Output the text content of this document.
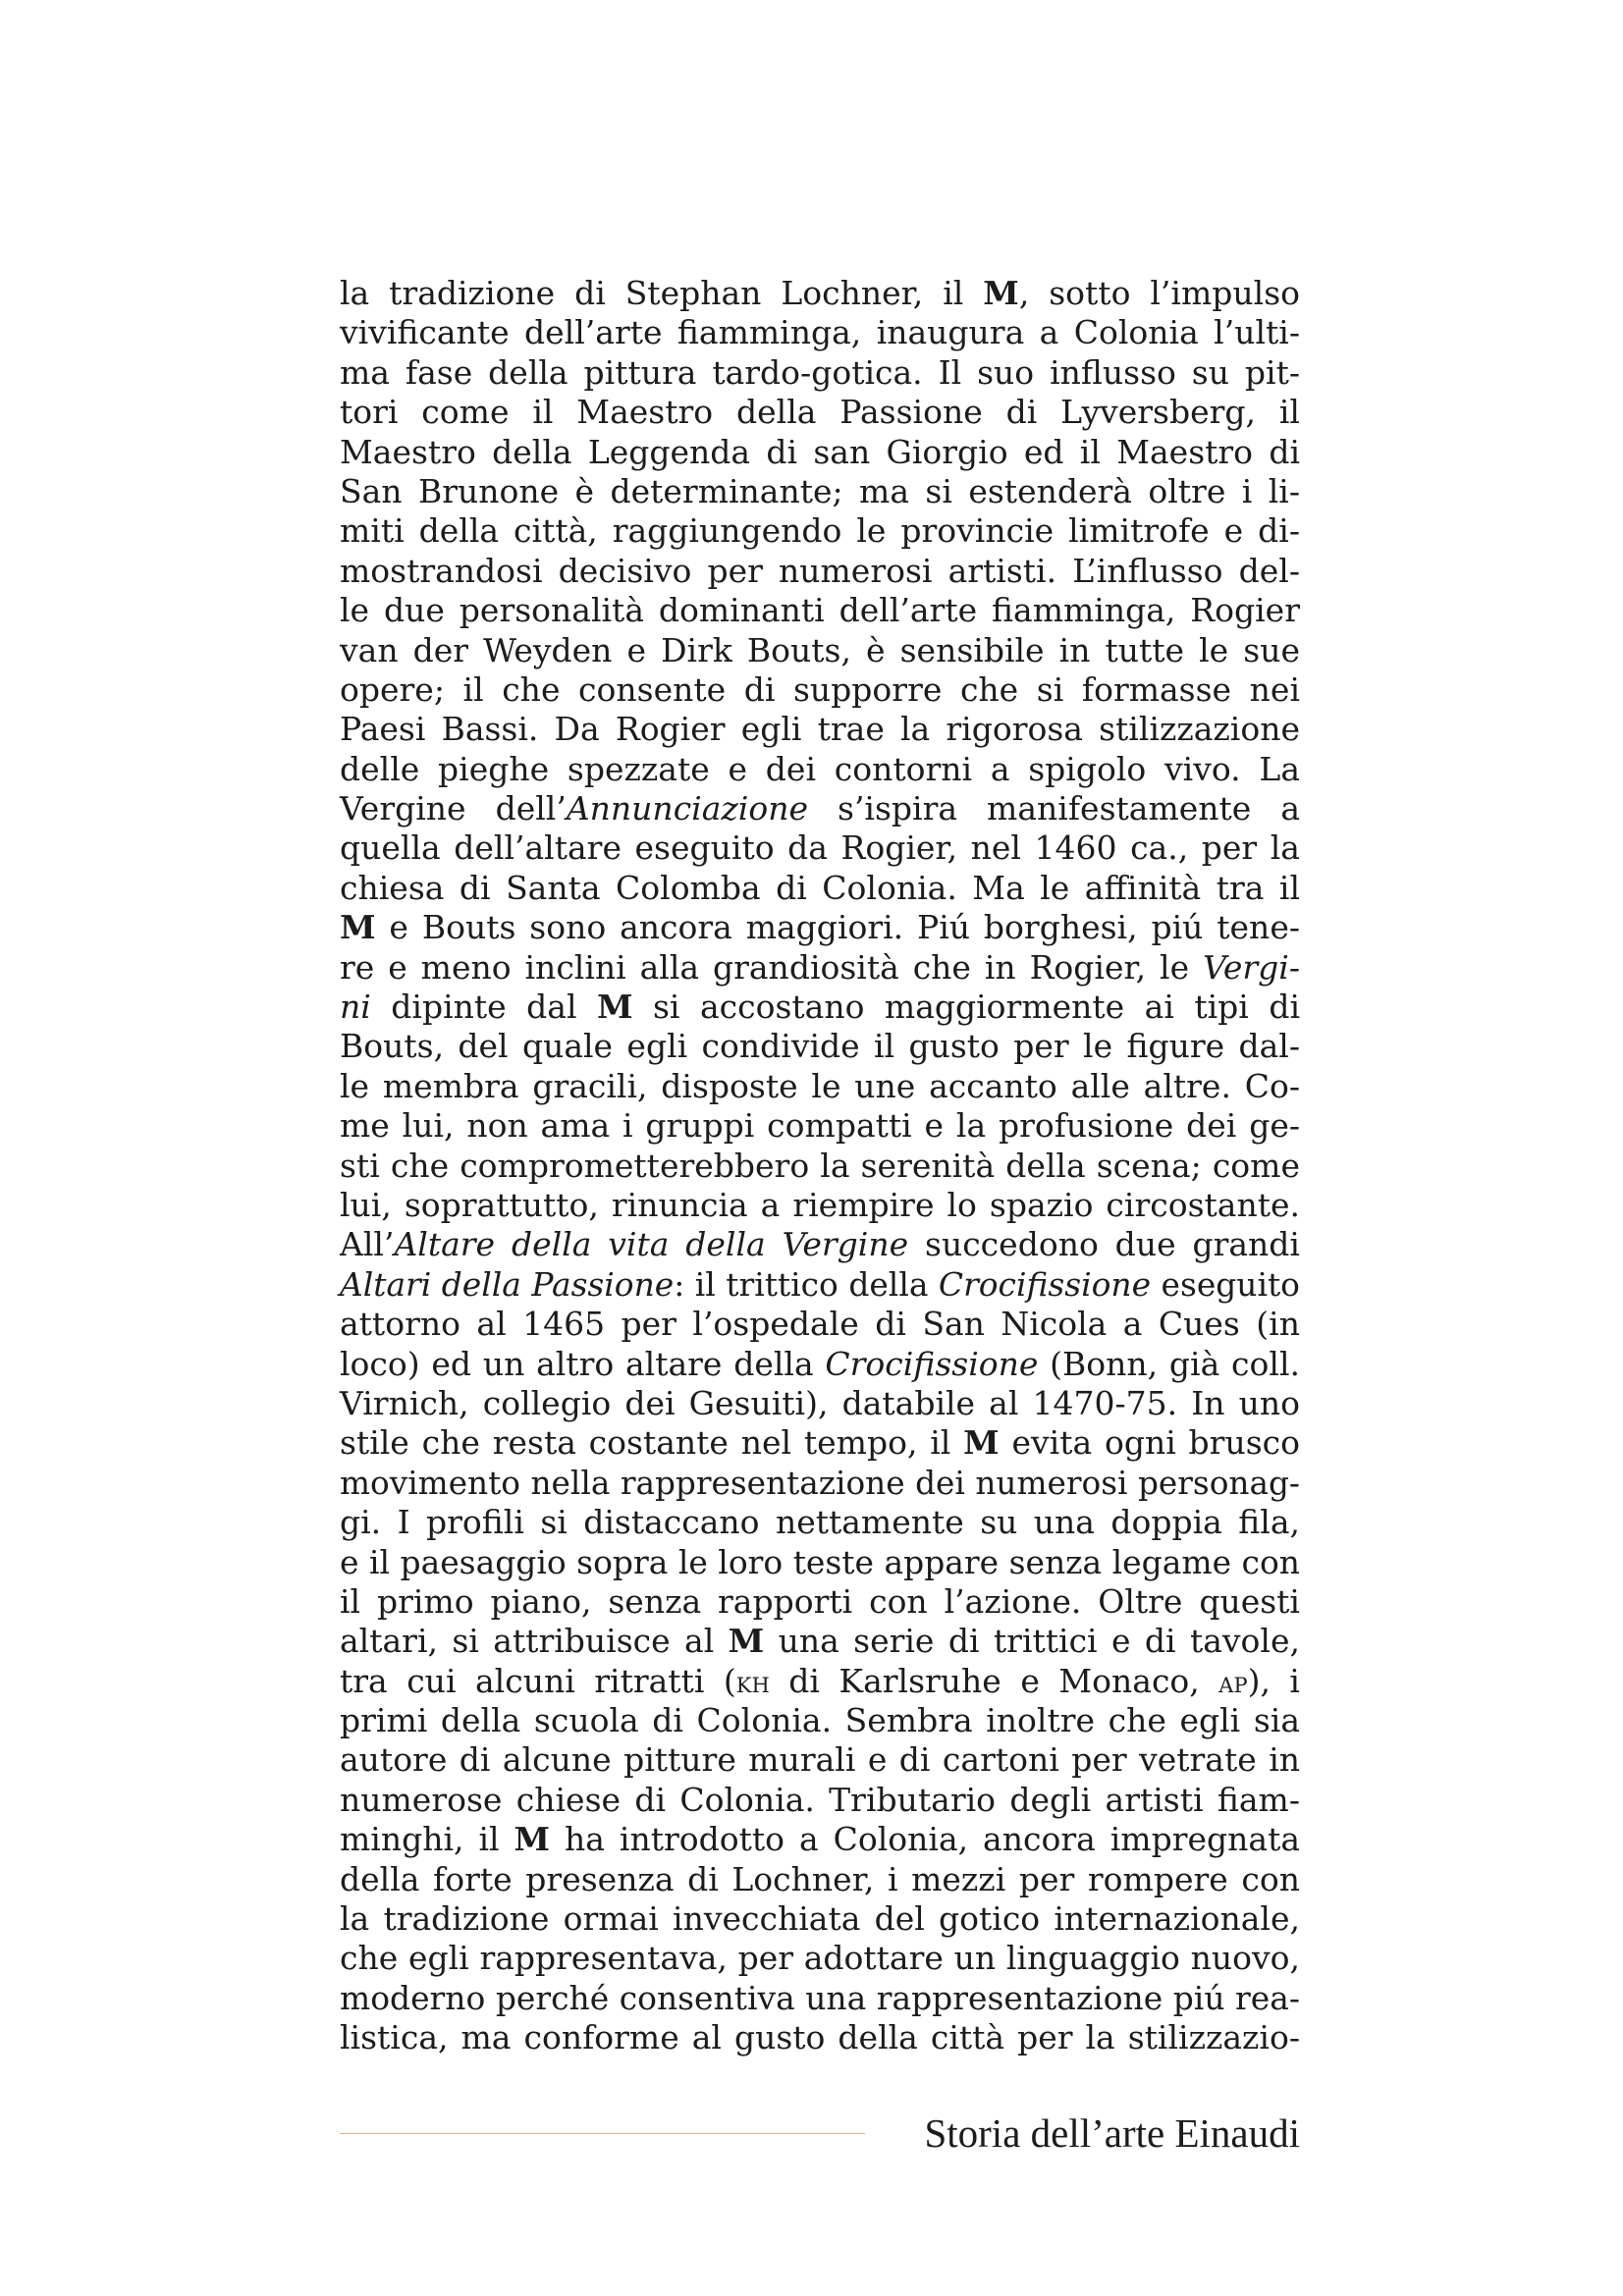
la tradizione di Stephan Lochner, il M, sotto l’impulso
vivificante dell’arte fiamminga, inaugura a Colonia l’ulti-
ma fase della pittura tardo-gotica. Il suo influsso su pit-
tori come il Maestro della Passione di Lyversberg, il
Maestro della Leggenda di san Giorgio ed il Maestro di
San Brunone è determinante; ma si estenderà oltre i li-
miti della città, raggiungendo le provincie limitrofe e di-
mostrandosi decisivo per numerosi artisti. L’influsso del-
le due personalità dominanti dell’arte fiamminga, Rogier
van der Weyden e Dirk Bouts, è sensibile in tutte le sue
opere; il che consente di supporre che si formasse nei
Paesi Bassi. Da Rogier egli trae la rigorosa stilizzazione
delle pieghe spezzate e dei contorni a spigolo vivo. La
Vergine dell’Annunciazione s’ispira manifestamente a
quella dell’altare eseguito da Rogier, nel 1460 ca., per la
chiesa di Santa Colomba di Colonia. Ma le affinità tra il
M e Bouts sono ancora maggiori. Piú borghesi, piú tene-
re e meno inclini alla grandiosità che in Rogier, le Vergi-
ni dipinte dal M si accostano maggiormente ai tipi di
Bouts, del quale egli condivide il gusto per le figure dal-
le membra gracili, disposte le une accanto alle altre. Co-
me lui, non ama i gruppi compatti e la profusione dei ge-
sti che comprometterebbero la serenità della scena; come
lui, soprattutto, rinuncia a riempire lo spazio circostante.
All’Altare della vita della Vergine succedono due grandi
Altari della Passione: il trittico della Crocifissione eseguito
attorno al 1465 per l’ospedale di San Nicola a Cues (in
loco) ed un altro altare della Crocifissione (Bonn, già coll.
Virnich, collegio dei Gesuiti), databile al 1470-75. In uno
stile che resta costante nel tempo, il M evita ogni brusco
movimento nella rappresentazione dei numerosi personag-
gi. I profili si distaccano nettamente su una doppia fila,
e il paesaggio sopra le loro teste appare senza legame con
il primo piano, senza rapporti con l’azione. Oltre questi
altari, si attribuisce al M una serie di trittici e di tavole,
tra cui alcuni ritratti (kh di Karlsruhe e Monaco, ap), i
primi della scuola di Colonia. Sembra inoltre che egli sia
autore di alcune pitture murali e di cartoni per vetrate in
numerose chiese di Colonia. Tributario degli artisti fiam-
minghi, il M ha introdotto a Colonia, ancora impregnata
della forte presenza di Lochner, i mezzi per rompere con
la tradizione ormai invecchiata del gotico internazionale,
che egli rappresentava, per adottare un linguaggio nuovo,
moderno perché consentiva una rappresentazione piú rea-
listica, ma conforme al gusto della città per la stilizzazio-
Storia dell’arte Einaudi
